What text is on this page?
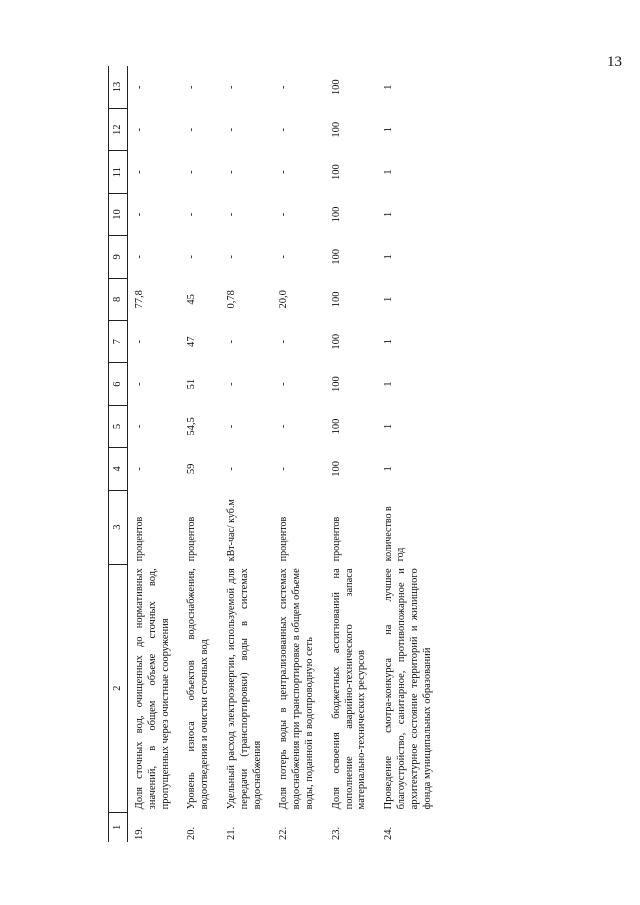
13
1	2	3	4	5	6	7	8	9	10	11	12	13
19.	Доля сточных вод, очищенных до нормативных значений, в общем объеме сточных вод, пропущенных через очистные сооружения	процентов	-	-	-	-	77,8	-	-	-	-	-
20.	Уровень износа объектов водоснабжения, водоотведения и очистки сточных вод	процентов	59	54,5	51	47	45	-	-	-	-	-
21.	Удельный расход электроэнергии, используемой для передачи (транспортировки) воды в системах водоснабжения	кВт-час/ куб.м	-	-	-	-	0,78	-	-	-	-	-
22.	Доля потерь воды в централизованных системах водоснабжения при транспортировке в общем объеме воды, поданной в водопроводную сеть	процентов	-	-	-	-	20,0	-	-	-	-	-
23.	Доля освоения бюджетных ассигнований на пополнение аварийно-технического запаса материально-технических ресурсов	процентов	100	100	100	100	100	100	100	100	100	100
24.	Проведение смотра-конкурса на лучшее благоустройство, санитарное, противопожарное и архитектурное состояние территорий и жилищного фонда муниципальных образований	количество в год	1	1	1	1	1	1	1	1	1	1
